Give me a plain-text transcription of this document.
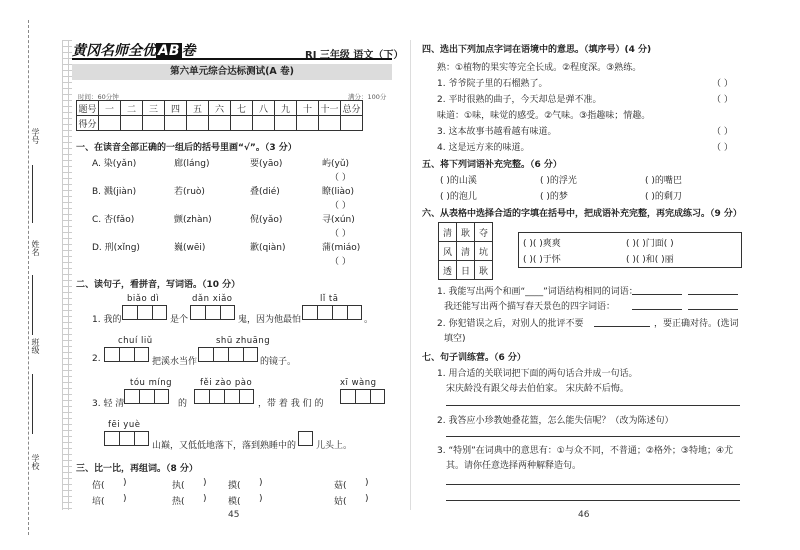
学号
姓名
班级
学校
黄冈名师全优 AB 卷	RJ 三年级 语文（下）
第六单元综合达标测试(A 卷)
时间：60分钟	满分：100分
题号	一	二	三	四	五	六	七	八	九	十	十一	总分
得分												
一、在读音全部正确的一组后的括号里画“√”。（3 分）
A. 染(yǎn)	廊(láng)	要(yāo)	屿(yǔ)
（ ）
B. 溅(jiàn)	若(ruò)	叠(dié)	瞭(liào)
（ ）
C. 杏(fǎo)	颤(zhàn)	倪(yǎo)	寻(xún)
（ ）
D. 刑(xǐng)	巍(wēi)	歉(qiàn)	蒲(miáo)
（ ）
二、读句子，看拼音，写词语。（10 分）
biǎo dì	dǎn xiǎo	lǐ tā
1. 我的	是个	鬼，因为他最怕	。
chuí liǔ	shū zhuāng
2.	把溪水当作	的镜子。
tóu míng	fěi zào pào	xī wàng
3. 轻 清	的	，带 着 我 们 的
fēi yuè
山巅，又低低地落下，落到熟睡中的 儿头上。
三、比一比，再组词。（8 分）
倍( )	执( ) 摸( )	菇( )
培( )	热( ) 模( )	姑( )
45
四、选出下列加点字词在语境中的意思。（填序号）(4 分)
熟：①植物的果实等完全长成。②程度深。③熟练。
1. 爷爷院子里的石榴熟了。	（ ）
2. 平时很熟的曲子，今天却总是弹不准。	（ ）
味道：①味，味觉的感受。②气味。③指趣味；情趣。
3. 这本故事书越看越有味道。	（ ）
4. 这是远方来的味道。	（ ）
五、将下列词语补充完整。（6 分）
( )的山溪	( )的浮光	( )的嘴巴
( )的泡儿	( )的梦	( )的剩刀
六、从表格中选择合适的字填在括号中，把成语补充完整，再完成练习。（9 分）
清	耿	夺
风	清	坑
透	日	耿
( )( )爽爽	( )( )门面( )
( )( )于怀	( )( )和( )丽
1. 我能写出两个和画“____”词语结构相同的词语：
我还能写出两个描写春天景色的四字词语：
2. 你犯错误之后，对别人的批评不要	，要正确对待。(选词
填空)
七、句子训练营。（6 分）
1. 用合适的关联词把下面的两句话合并成一句话。
宋庆龄没有跟父母去伯伯家。 宋庆龄不后悔。
2. 我答应小珍教她叠花篮，怎么能失信呢？（改为陈述句）
3. “特别”在词典中的意思有：①与众不同，不普通；②格外；③特地；④尤
其。请你任意选择两种解释造句。
46
